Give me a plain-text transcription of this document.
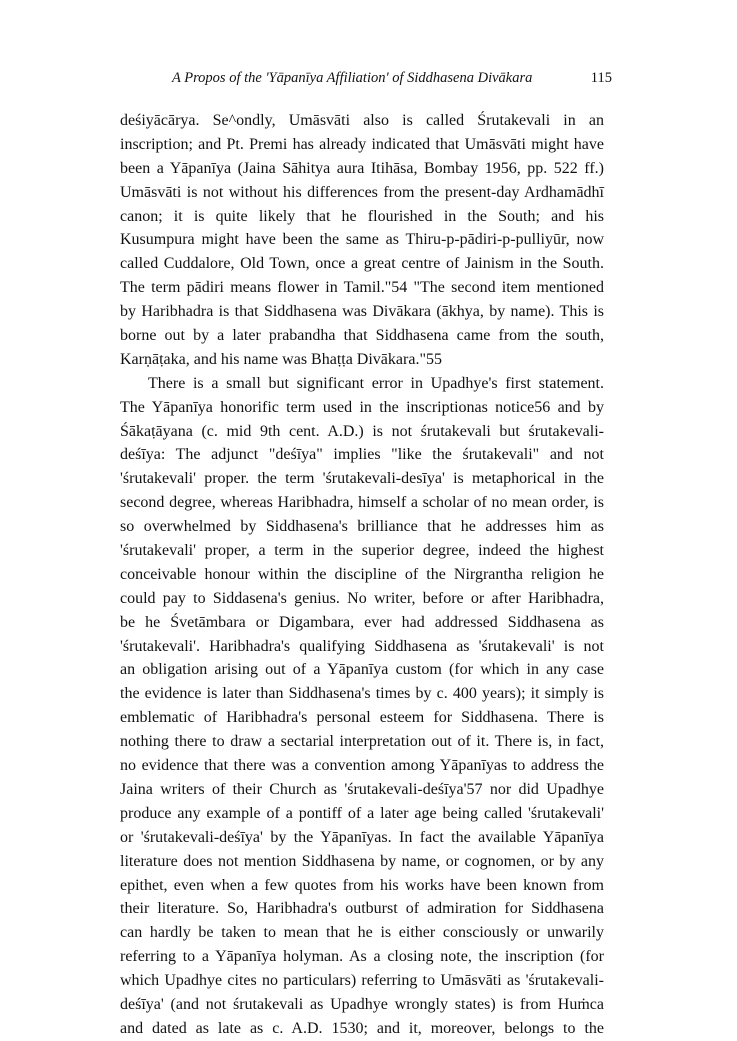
A Propos of the 'Yāpanīya Affiliation' of Siddhasena Divākara	115
deśiyācārya. Se^ondly, Umāsvāti also is called Śrutakevali in an
inscription; and Pt. Premi has already indicated that Umāsvāti might have
been a Yāpanīya (Jaina Sāhitya aura Itihāsa, Bombay 1956, pp. 522 ff.)
Umāsvāti is not without his differences from the present-day Ardhamādhī
canon; it is quite likely that he flourished in the South; and his
Kusumpura might have been the same as Thiru-p-pādiri-p-pulliyūr, now
called Cuddalore, Old Town, once a great centre of Jainism in the South.
The term pādiri means flower in Tamil."54 "The second item mentioned
by Haribhadra is that Siddhasena was Divākara (ākhya, by name). This is
borne out by a later prabandha that Siddhasena came from the south,
Karṇāṭaka, and his name was Bhaṭṭa Divākara."55
There is a small but significant error in Upadhye's first statement.
The Yāpanīya honorific term used in the inscriptionas notice56 and by
Śākaṭāyana (c. mid 9th cent. A.D.) is not śrutakevali but śrutakevali-
deśīya: The adjunct "deśīya" implies "like the śrutakevali" and not
'śrutakevali' proper. the term 'śrutakevali-desīya' is metaphorical in the
second degree, whereas Haribhadra, himself a scholar of no mean order, is
so overwhelmed by Siddhasena's brilliance that he addresses him as
'śrutakevali' proper, a term in the superior degree, indeed the highest
conceivable honour within the discipline of the Nirgrantha religion he
could pay to Siddasena's genius. No writer, before or after Haribhadra,
be he Śvetāmbara or Digambara, ever had addressed Siddhasena as
'śrutakevali'. Haribhadra's qualifying Siddhasena as 'śrutakevali' is not
an obligation arising out of a Yāpanīya custom (for which in any case
the evidence is later than Siddhasena's times by c. 400 years); it simply is
emblematic of Haribhadra's personal esteem for Siddhasena. There is
nothing there to draw a sectarial interpretation out of it. There is, in fact,
no evidence that there was a convention among Yāpanīyas to address the
Jaina writers of their Church as 'śrutakevali-deśīya'57 nor did Upadhye
produce any example of a pontiff of a later age being called 'śrutakevali'
or 'śrutakevali-deśīya' by the Yāpanīyas. In fact the available Yāpanīya
literature does not mention Siddhasena by name, or cognomen, or by any
epithet, even when a few quotes from his works have been known from
their literature. So, Haribhadra's outburst of admiration for Siddhasena
can hardly be taken to mean that he is either consciously or unwarily
referring to a Yāpanīya holyman. As a closing note, the inscription (for
which Upadhye cites no particulars) referring to Umāsvāti as 'śrutakevali-
deśīya' (and not śrutakevali as Upadhye wrongly states) is from Huṁca
and dated as late as c. A.D. 1530; and it, moreover, belongs to the
